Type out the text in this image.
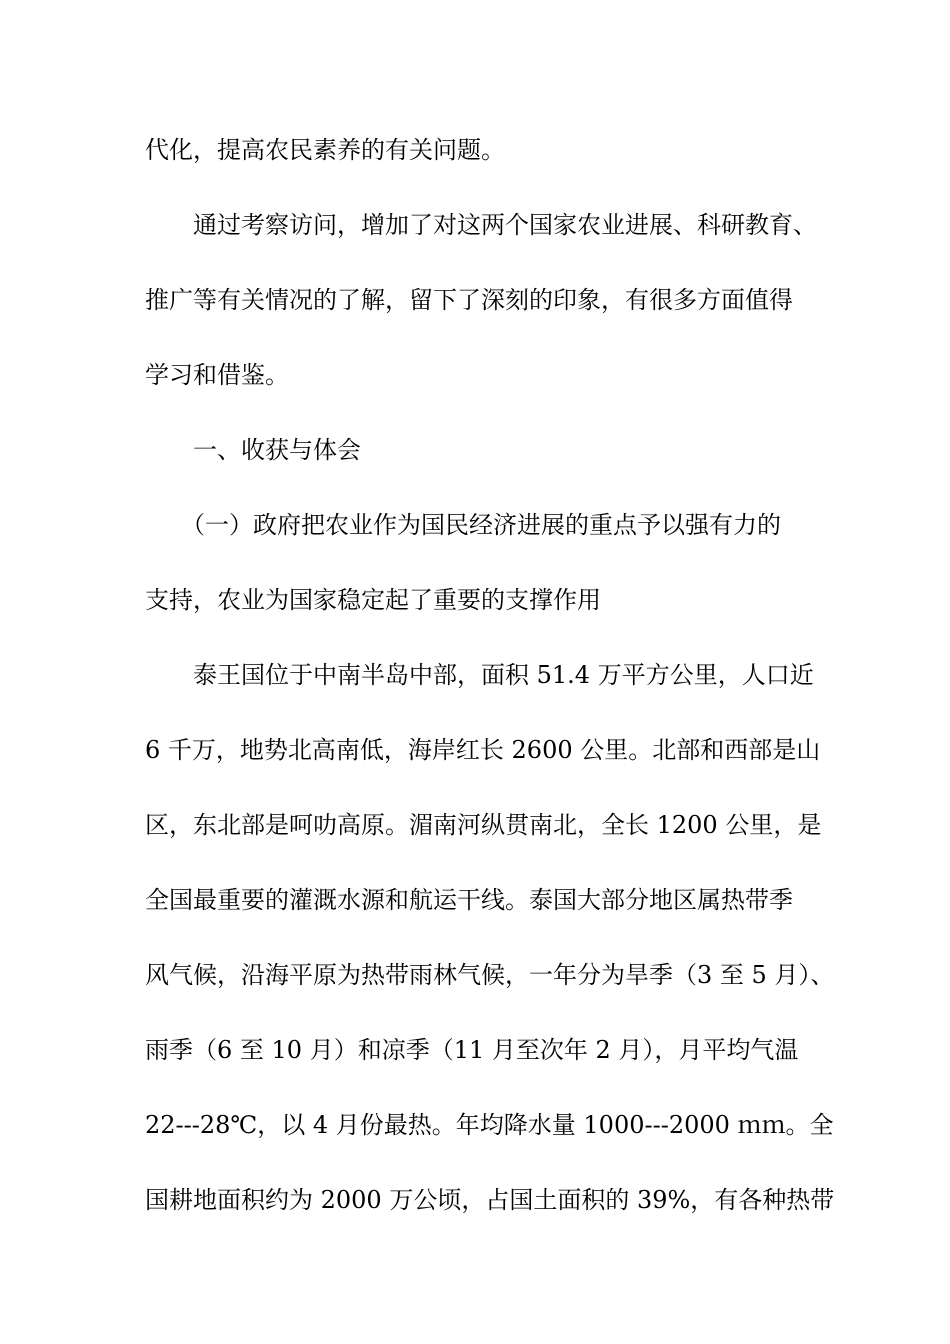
代化，提高农民素养的有关问题。
通过考察访问，增加了对这两个国家农业进展、科研教育、
推广等有关情况的了解，留下了深刻的印象，有很多方面值得
学习和借鉴。
一、收获与体会
（一）政府把农业作为国民经济进展的重点予以强有力的
支持，农业为国家稳定起了重要的支撑作用
泰王国位于中南半岛中部，面积 51.4 万平方公里，人口近
6 千万，地势北高南低，海岸红长 2600 公里。北部和西部是山
区，东北部是呵叻高原。湄南河纵贯南北，全长 1200 公里，是
全国最重要的灌溉水源和航运干线。泰国大部分地区属热带季
风气候，沿海平原为热带雨林气候，一年分为旱季（3 至 5 月）、
雨季（6 至 10 月）和凉季（11 月至次年 2 月），月平均气温
22---28℃，以 4 月份最热。年均降水量 1000---2000 ｍｍ。全
国耕地面积约为 2000 万公顷，占国土面积的 39%，有各种热带
